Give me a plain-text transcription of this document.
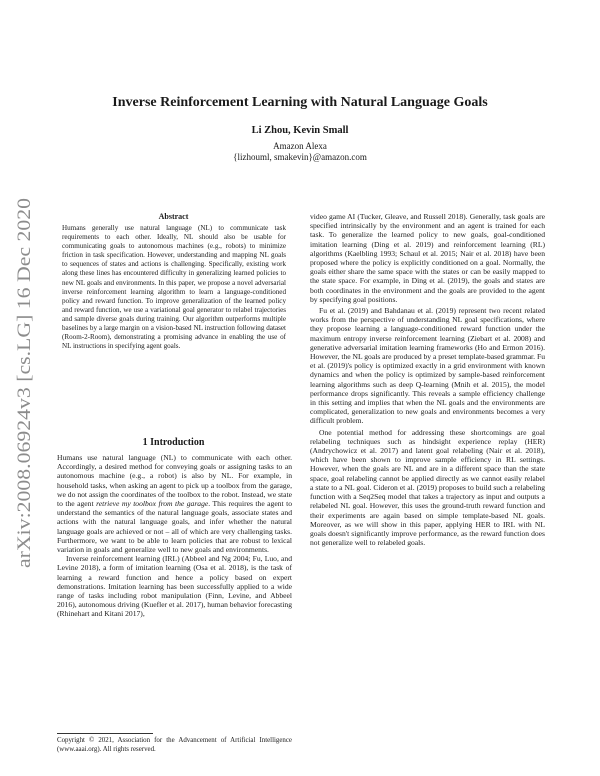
arXiv:2008.06924v3 [cs.LG] 16 Dec 2020
Inverse Reinforcement Learning with Natural Language Goals
Li Zhou, Kevin Small
Amazon Alexa
{lizhouml, smakevin}@amazon.com
Abstract
Humans generally use natural language (NL) to communicate task requirements to each other. Ideally, NL should also be usable for communicating goals to autonomous machines (e.g., robots) to minimize friction in task specification. However, understanding and mapping NL goals to sequences of states and actions is challenging. Specifically, existing work along these lines has encountered difficulty in generalizing learned policies to new NL goals and environments. In this paper, we propose a novel adversarial inverse reinforcement learning algorithm to learn a language-conditioned policy and reward function. To improve generalization of the learned policy and reward function, we use a variational goal generator to relabel trajectories and sample diverse goals during training. Our algorithm outperforms multiple baselines by a large margin on a vision-based NL instruction following dataset (Room-2-Room), demonstrating a promising advance in enabling the use of NL instructions in specifying agent goals.
1 Introduction

Humans use natural language (NL) to communicate with each other. Accordingly, a desired method for conveying goals or assigning tasks to an autonomous machine (e.g., a robot) is also by NL. For example, in household tasks, when asking an agent to pick up a toolbox from the garage, we do not assign the coordinates of the toolbox to the robot. Instead, we state to the agent retrieve my toolbox from the garage. This requires the agent to understand the semantics of the natural language goals, associate states and actions with the natural language goals, and infer whether the natural language goals are achieved or not – all of which are very challenging tasks. Furthermore, we want to be able to learn policies that are robust to lexical variation in goals and generalize well to new goals and environments.

Inverse reinforcement learning (IRL) (Abbeel and Ng 2004; Fu, Luo, and Levine 2018), a form of imitation learning (Osa et al. 2018), is the task of learning a reward function and hence a policy based on expert demonstrations. Imitation learning has been successfully applied to a wide range of tasks including robot manipulation (Finn, Levine, and Abbeel 2016), autonomous driving (Kuefler et al. 2017), human behavior forecasting (Rhinehart and Kitani 2017),

Copyright © 2021, Association for the Advancement of Artificial Intelligence (www.aaai.org). All rights reserved.

video game AI (Tucker, Gleave, and Russell 2018). Generally, task goals are specified intrinsically by the environment and an agent is trained for each task. To generalize the learned policy to new goals, goal-conditioned imitation learning (Ding et al. 2019) and reinforcement learning (RL) algorithms (Kaelbling 1993; Schaul et al. 2015; Nair et al. 2018) have been proposed where the policy is explicitly conditioned on a goal. Normally, the goals either share the same space with the states or can be easily mapped to the state space. For example, in Ding et al. (2019), the goals and states are both coordinates in the environment and the goals are provided to the agent by specifying goal positions.

Fu et al. (2019) and Bahdanau et al. (2019) represent two recent related works from the perspective of understanding NL goal specifications, where they propose learning a language-conditioned reward function under the maximum entropy inverse reinforcement learning (Ziebart et al. 2008) and generative adversarial imitation learning frameworks (Ho and Ermon 2016). However, the NL goals are produced by a preset template-based grammar. Fu et al. (2019)'s policy is optimized exactly in a grid environment with known dynamics and when the policy is optimized by sample-based reinforcement learning algorithms such as deep Q-learning (Mnih et al. 2015), the model performance drops significantly. This reveals a sample efficiency challenge in this setting and implies that when the NL goals and the environments are complicated, generalization to new goals and environments becomes a very difficult problem.

One potential method for addressing these shortcomings are goal relabeling techniques such as hindsight experience replay (HER) (Andrychowicz et al. 2017) and latent goal relabeling (Nair et al. 2018), which have been shown to improve sample efficiency in RL settings. However, when the goals are NL and are in a different space than the state space, goal relabeling cannot be applied directly as we cannot easily relabel a state to a NL goal. Cideron et al. (2019) proposes to build such a relabeling function with a Seq2Seq model that takes a trajectory as input and outputs a relabeled NL goal. However, this uses the ground-truth reward function and their experiments are again based on simple template-based NL goals. Moreover, as we will show in this paper, applying HER to IRL with NL goals doesn't significantly improve performance, as the reward function does not generalize well to relabeled goals.
